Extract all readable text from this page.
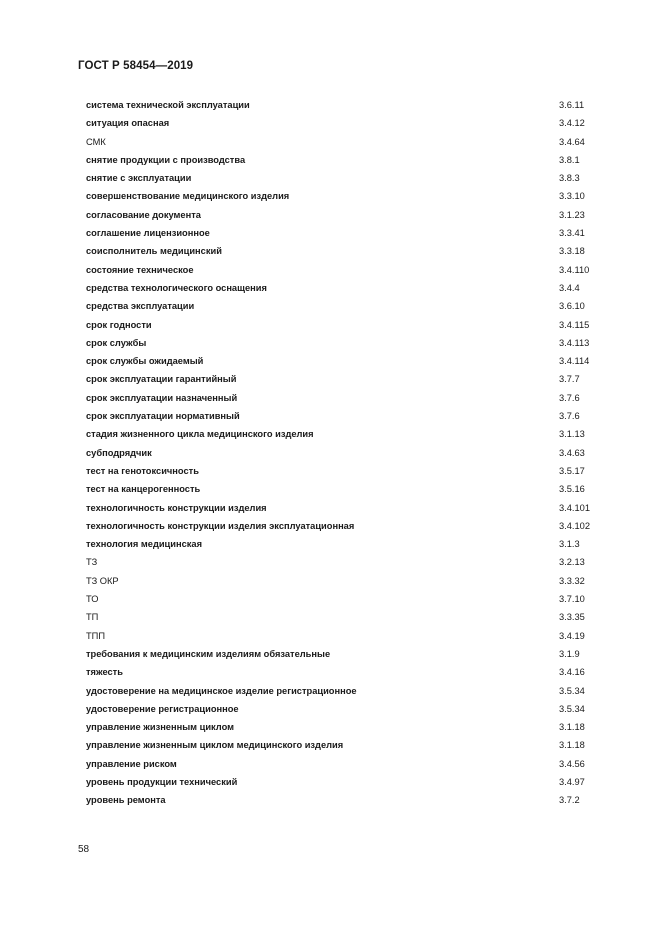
ГОСТ Р 58454—2019
система технической эксплуатации	3.6.11
ситуация опасная	3.4.12
СМК	3.4.64
снятие продукции с производства	3.8.1
снятие с эксплуатации	3.8.3
совершенствование медицинского изделия	3.3.10
согласование документа	3.1.23
соглашение лицензионное	3.3.41
соисполнитель медицинский	3.3.18
состояние техническое	3.4.110
средства технологического оснащения	3.4.4
средства эксплуатации	3.6.10
срок годности	3.4.115
срок службы	3.4.113
срок службы ожидаемый	3.4.114
срок эксплуатации гарантийный	3.7.7
срок эксплуатации назначенный	3.7.6
срок эксплуатации нормативный	3.7.6
стадия жизненного цикла медицинского изделия	3.1.13
субподрядчик	3.4.63
тест на генотоксичность	3.5.17
тест на канцерогенность	3.5.16
технологичность конструкции изделия	3.4.101
технологичность конструкции изделия эксплуатационная	3.4.102
технология медицинская	3.1.3
ТЗ	3.2.13
ТЗ ОКР	3.3.32
ТО	3.7.10
ТП	3.3.35
ТПП	3.4.19
требования к медицинским изделиям обязательные	3.1.9
тяжесть	3.4.16
удостоверение на медицинское изделие регистрационное	3.5.34
удостоверение регистрационное	3.5.34
управление жизненным циклом	3.1.18
управление жизненным циклом медицинского изделия	3.1.18
управление риском	3.4.56
уровень продукции технический	3.4.97
уровень ремонта	3.7.2
58
